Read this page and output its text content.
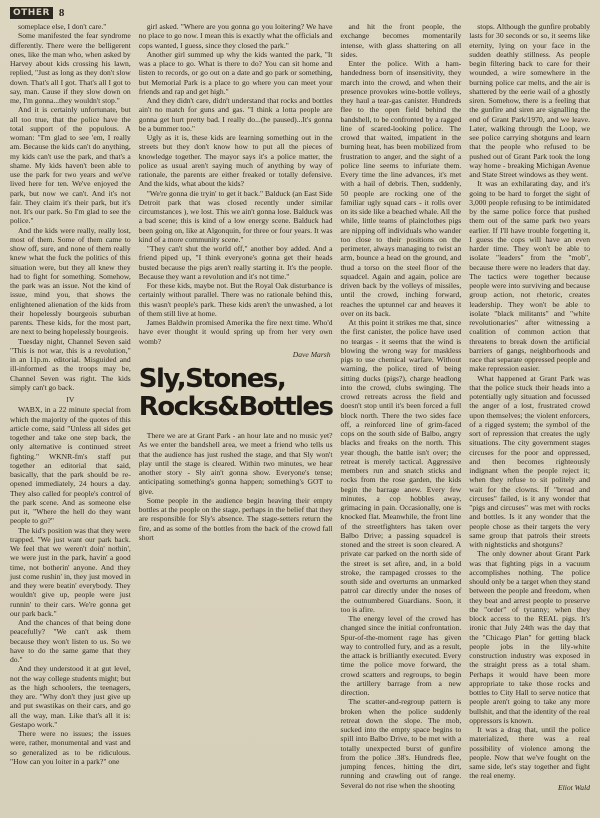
OTHER 8

someplace else, I don't care."

Some manifested the fear syndrome differently. There were the belligerent ones, like the man who, when asked by Harvey about kids crossing his lawn, replied, "Just as long as they don't slow down. That's all I got. That's all I got to say, man. Cause if they slow down on me, I'm gonna...they wouldn't stop."

And it is certainly unfortunate, but all too true, that the police have the total support of the populous. A woman: "I'm glad to see 'em, I really am. Because the kids can't do anything, my kids can't use the park, and that's a shame. My kids haven't been able to use the park for two years and we've lived here for ten. We've enjoyed the park, but now we can't. And it's not fair. They claim it's their park, but it's not. It's our park. So I'm glad to see the police."

And the kids were really, really lost, most of them. Some of them came to show off, sure, and none of them really knew what the fuck the politics of this situation were, but they all knew they had to fight for something. Somehow, the park was an issue. Not the kind of issue, mind you, that shows the enlightened alienation of the kids from their hopelessly bourgeois suburban parents. These kids, for the most part, are next to being hopelessly bourgeois.

Tuesday night, Channel Seven said "This is not war, this is a revolution," in an 11p.m. editorial. Misguided and ill-informed as the troops may be, Channel Seven was right. The kids simply can't go back.

IV

WABX, in a 22 minute special from which the majority of the quotes of this article come, said "Unless all sides get together and take one step back, the only alternative is continued street fighting." WKNR-fm's staff put together an editorial that said, basically, that the park should be re-opened immediately, 24 hours a day. They also called for people's control of the park scene. And as someone else put it, "Where the hell do they want people to go?"

The kid's position was that they were trapped. "We just want our park back. We feel that we weren't doin' nothin', we were just in the park, havin' a good time, not botherin' anyone. And they just come rushin' in, they just moved in and they were beatin' everybody. They wouldn't give up, people were just runnin' to their cars. We're gonna get our park back."

And the chances of that being done peacefully? "We can't ask them because they won't listen to us. So we have to do the same game that they do."

And they understood it at gut level, not the way college students might; but as the high schoolers, the teenagers, they are. "Why don't they just give up and put swastikas on their cars, and go all the way, man. Like that's all it is: Gestapo work."

There were no issues; the issues were, rather, monumental and vast and so generalized as to be ridiculous. "How can you loiter in a park?" one

girl asked. "Where are you gonna go you loitering? We have no place to go now. I mean this is exactly what the officials and cops wanted, I guess, since they closed the park."

Another girl summed up why the kids wanted the park, "It was a place to go. What is there to do? You can sit home and listen to records, or go out on a date and go park or something, but Memorial Park is a place to go where you can meet your friends and rap and get high."

And they didn't care, didn't understand that rocks and bottles ain't no match for guns and gas. "I think a lotta people are gonna get hurt pretty bad. I really do...(he paused)...It's gonna be a bummer too."

Ugly as it is, these kids are learning something out in the streets but they don't know how to put all the pieces of knowledge together. The mayor says it's a police matter, the police as usual aren't saying much of anything by way of rationale, the parents are either freaked or totally defensive. And the kids, what about the kids?

"We're gonna die tryin' to get it back." Balduck (an East Side Detroit park that was closed recently under similar circumstances ), we lost. This we ain't gonna lose. Balduck was a bad scene; this is kind of a low energy scene. Balduck had been going on, like at Algonquin, for three or four years. It was kind of a more community scene."

"They can't shut the world off," another boy added. And a friend piped up, "I think everyone's gonna get their heads busted because the pigs aren't really starting it. It's the people. Because they want a revolution and it's not time."

For these kids, maybe not. But the Royal Oak disturbance is certainly without parallel. There was no rationale behind this, this wasn't people's park. These kids aren't the unwashed, a lot of them still live at home.

James Baldwin promised Amerika the fire next time. Who'd have ever thought it would spring up from her very own womb?

Dave Marsh
Sly,Stones,
Rocks&Bottles

There we are at Grant Park - an hour late and no music yet? As we enter the bandshell area, we meet a friend who tells us that the audience has just rushed the stage, and that Sly won't play until the stage is cleared. Within two minutes, we hear another story - Sly ain't gonna show. Everyone's tense; anticipating something's gonna happen; something's GOT to give.

Some people in the audience begin heaving their empty bottles at the people on the stage, perhaps in the belief that they are responsible for Sly's absence. The stage-setters return the fire, and as some of the bottles from the back of the crowd fall short

and hit the front people, the exchange becomes momentarily intense, with glass shattering on all sides.

Enter the police. With a ham-handedness born of insensitivity, they march into the crowd, and when their presence provokes wine-bottle volleys, they haul a tear-gas canister. Hundreds flee to the open field behind the bandshell, to be confronted by a ragged line of scared-looking police. The crowd that waited, impatient in the burning heat, has been mobilized from frustration to anger, and the sight of a police line seems to infuriate them. Every time the line advances, it's met with a hail of debris. Then, suddenly, 50 people are rocking one of the familiar ugly squad cars - it rolls over on its side like a beached whale. All the while, little teams of plainclothes pigs are nipping off individuals who wander too close to their positions on the perimeter, always managing to twist an arm, bounce a head on the ground, and thud a torso on the steel floor of the squadcel. Again and again, police are driven back by the volleys of missiles, until the crowd, inching forward, reaches the uptunnel car and heaves it over on its back.

At this point it strikes me that, since the first canister, the police have used no teargas - it seems that the wind is blowing the wrong way for maskless pigs to use chemical warfare. Without warning, the police, tired of being sitting ducks (pigs?), charge headlong into the crowd, clubs swinging. The crowd retreats across the field and doesn't stop until it's been forced a full block north. There the two sides face off, a reinforced line of grim-faced cops on the south side of Balbo, angry blacks and freaks on the north. This year though, the battle isn't over; the retreat is merely tactical. Aggressive members run and snatch sticks and rocks from the rose garden, the kids begin the barrage anew. Every few minutes, a cop hobbles away, grimacing in pain. Occasionally, one is knocked flat. Meanwhile, the front line of the streetfighters has taken over Balbo Drive; a passing squadcel is stoned and the street is soon cleared. A private car parked on the north side of the street is set afire, and, in a bold stroke, the rampaged crosses to the south side and overturns an unmarked patrol car directly under the noses of the outnumbered Guardians. Soon, it too is afire.

The energy level of the crowd has changed since the initial confrontation. Spur-of-the-moment rage has given way to controlled fury, and as a result, the attack is brilliantly executed. Every time the police move forward, the crowd scatters and regroups, to begin the artillery barrage from a new direction.

The scatter-and-regroup pattern is broken when the police suddenly retreat down the slope. The mob, sucked into the empty space begins to spill into Balbo Drive, to be met with a totally unexpected burst of gunfire from the police .38's. Hundreds flee, jumping fences, hitting the dirt, running and crawling out of range. Several do not rise when the shooting

stops. Although the gunfire probably lasts for 30 seconds or so, it seems like eternity, lying on your face in the sudden deathly stillness. As people begin filtering back to care for their wounded, a wire somewhere in the burning police car melts, and the air is shattered by the eerie wail of a ghostly siren. Somehow, there is a feeling that the gunfire and siren are signalling the end of Grant Park/1970, and we leave. Later, walking through the Loop, we see police carrying shotguns and learn that the people who refused to be pushed out of Grant Park took the long way home - breaking Michigan Avenue and State Street windows as they went.

It was an exhilarating day, and it's going to be hard to forget the sight of 3,000 people refusing to be intimidated by the same police force that pushed them out of the same park two years earlier. If I'll have trouble forgetting it, I guess the cops will have an even harder time. They won't be able to isolate "leaders" from the "mob", because there were no leaders that day. The tactics were together because people were into surviving and because group action, not rhetoric, creates leadership. They won't be able to isolate "black militants" and "white revolutionaries" after witnessing a coalition of common action that threatens to break down the artificial barriers of gangs, neighborhoods and race that separate oppressed people and make repression easier.

What happened at Grant Park was that the police stuck their heads into a potentially ugly situation and focussed the anger of a lost, frustrated crowd upon themselves; the violent enforcers, of a rigged system; the symbol of the sort of repression that creates the ugly situations. The city government stages circuses for the poor and oppressed, and then becomes righteously indignant when the people reject it; when they refuse to sit politely and wait for the clowns. If "bread and circuses" failed, is it any wonder that "pigs and circuses" was met with rocks and bottles. Is it any wonder that the people chose as their targets the very same group that patrols their streets with nightsticks and shotguns?

The only downer about Grant Park was that fighting pigs in a vacuum accomplishes nothing. The police should only be a target when they stand between the people and freedom, when they beat and arrest people to preserve the "order" of tyranny; when they block access to the REAL pigs. It's ironic that July 24th was the day that the "Chicago Plan" for getting black people jobs in the lily-white construction industry was exposed in the straight press as a total sham. Perhaps it would have been more appropriate to take those rocks and bottles to City Hall to serve notice that people aren't going to take any more bullshit, and that the identity of the real oppressors is known.

It was a drag that, until the police materialized, there was a real possibility of violence among the people. Now that we've fought on the same side, let's stay together and fight the real enemy.

Eliot Wald
